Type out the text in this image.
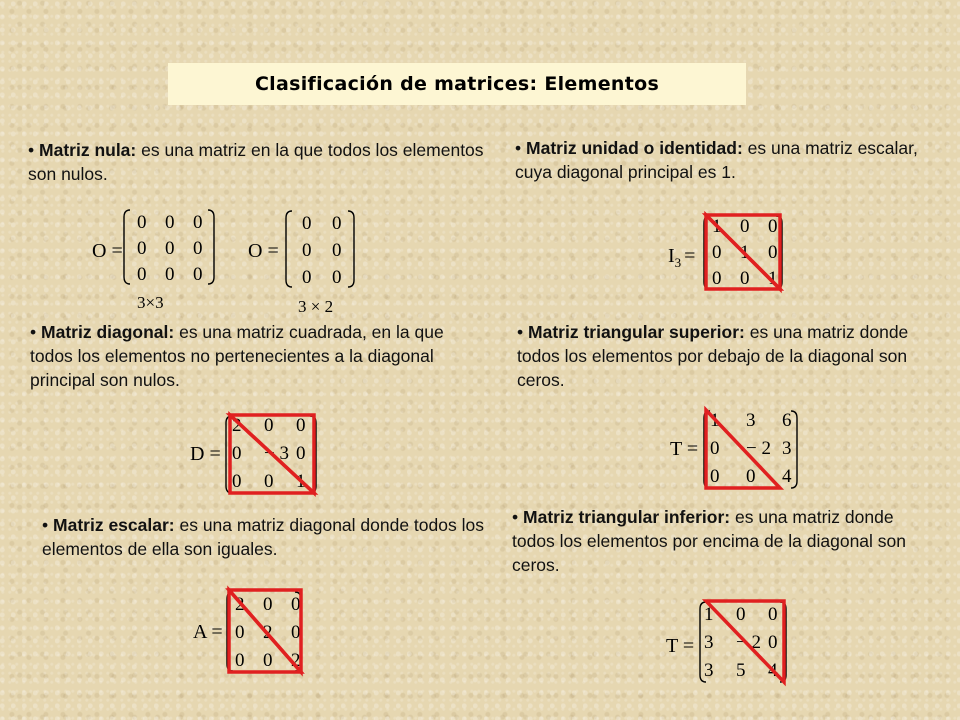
Clasificación de matrices: Elementos
• Matriz nula: es una matriz en la que todos los elementos son nulos.
• Matriz unidad o identidad: es una matriz escalar, cuya diagonal principal es 1.
• Matriz diagonal: es una matriz cuadrada, en la que todos los elementos no pertenecientes a la diagonal principal son nulos.
• Matriz triangular superior: es una matriz donde todos los elementos por debajo de la diagonal son ceros.
• Matriz escalar: es una matriz diagonal donde todos los elementos de ella son iguales.
• Matriz triangular inferior: es una matriz donde todos los elementos por encima de la diagonal son ceros.
O =
0 0 0
0 0 0
0 0 0
3×3
O =
0 0
0 0
0 0
3 × 2
$I_3$ =
1 0 0
0 1 0
0 0 1
D =
2 0 0
0 − 3 0
0 0 1
T =
1 3 6
0 − 2 3
0 0 4
A =
2 0 0
0 2 0
0 0 2
T =
1 0 0
3 − 2 0
3 5 4
